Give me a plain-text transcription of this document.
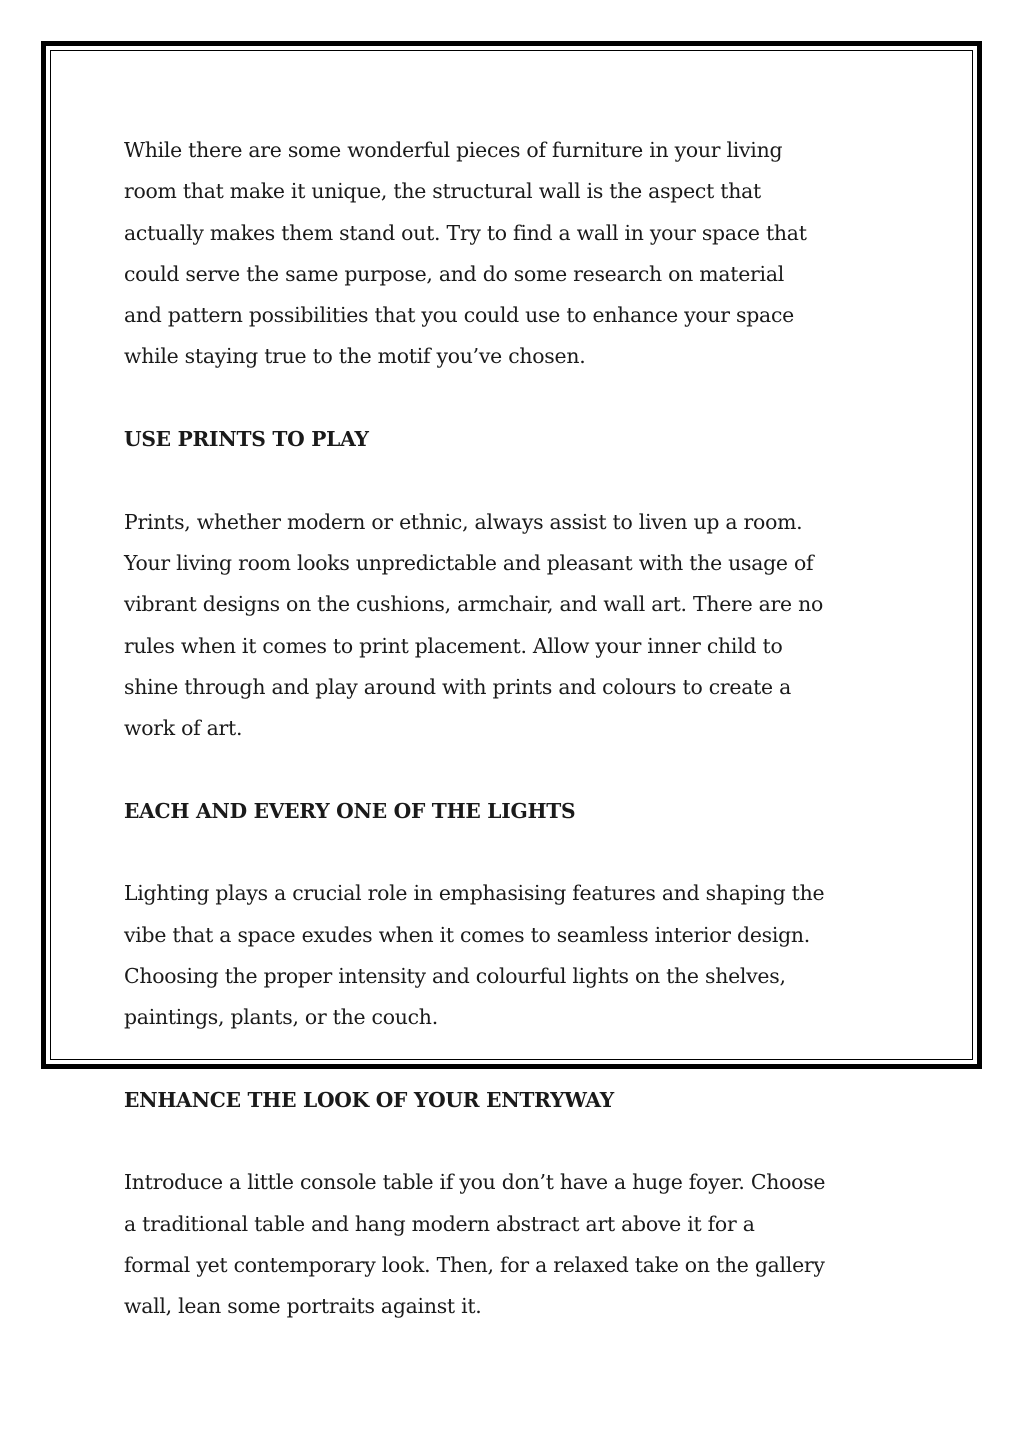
While there are some wonderful pieces of furniture in your living
room that make it unique, the structural wall is the aspect that
actually makes them stand out. Try to find a wall in your space that
could serve the same purpose, and do some research on material
and pattern possibilities that you could use to enhance your space
while staying true to the motif you’ve chosen.

USE PRINTS TO PLAY

Prints, whether modern or ethnic, always assist to liven up a room.
Your living room looks unpredictable and pleasant with the usage of
vibrant designs on the cushions, armchair, and wall art. There are no
rules when it comes to print placement. Allow your inner child to
shine through and play around with prints and colours to create a
work of art.

EACH AND EVERY ONE OF THE LIGHTS

Lighting plays a crucial role in emphasising features and shaping the
vibe that a space exudes when it comes to seamless interior design.
Choosing the proper intensity and colourful lights on the shelves,
paintings, plants, or the couch.

ENHANCE THE LOOK OF YOUR ENTRYWAY

Introduce a little console table if you don’t have a huge foyer. Choose
a traditional table and hang modern abstract art above it for a
formal yet contemporary look. Then, for a relaxed take on the gallery
wall, lean some portraits against it.
